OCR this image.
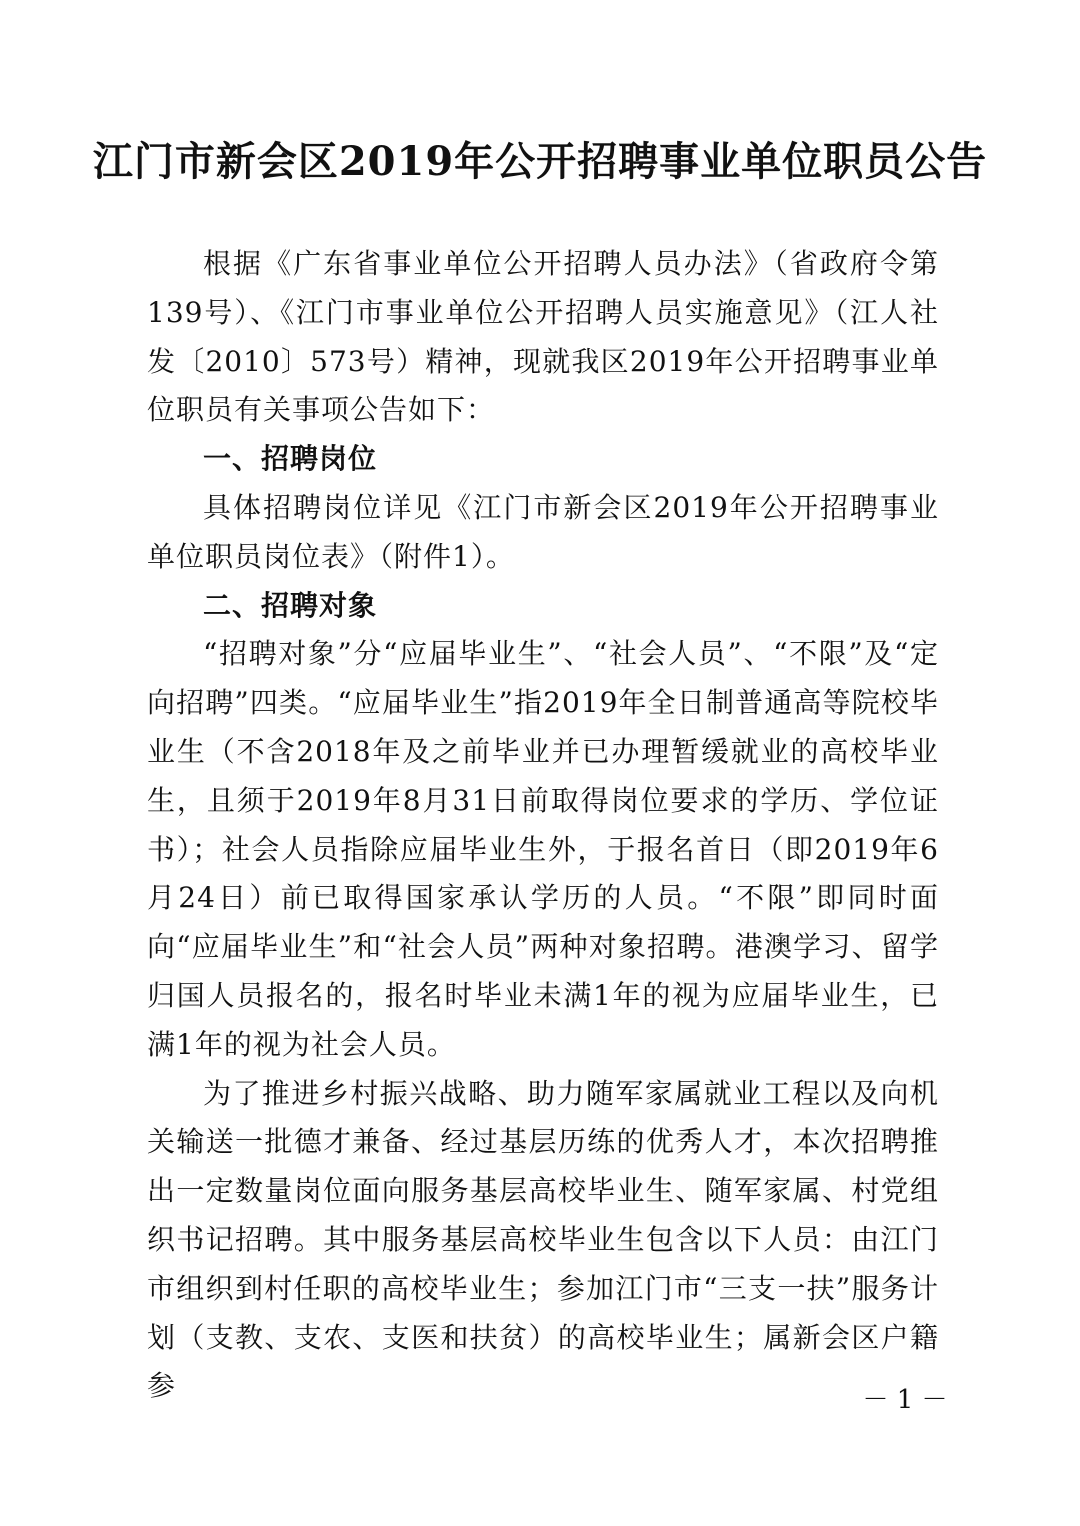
江门市新会区2019年公开招聘事业单位职员公告

根据《广东省事业单位公开招聘人员办法》（省政府令第139号）、《江门市事业单位公开招聘人员实施意见》（江人社发〔2010〕573号）精神，现就我区2019年公开招聘事业单位职员有关事项公告如下：

一、招聘岗位

具体招聘岗位详见《江门市新会区2019年公开招聘事业单位职员岗位表》（附件1）。

二、招聘对象

“招聘对象”分“应届毕业生”、“社会人员”、“不限”及“定向招聘”四类。“应届毕业生”指2019年全日制普通高等院校毕业生（不含2018年及之前毕业并已办理暂缓就业的高校毕业生，且须于2019年8月31日前取得岗位要求的学历、学位证书）；社会人员指除应届毕业生外，于报名首日（即2019年6月24日）前已取得国家承认学历的人员。“不限”即同时面向“应届毕业生”和“社会人员”两种对象招聘。港澳学习、留学归国人员报名的，报名时毕业未满1年的视为应届毕业生，已满1年的视为社会人员。

为了推进乡村振兴战略、助力随军家属就业工程以及向机关输送一批德才兼备、经过基层历练的优秀人才，本次招聘推出一定数量岗位面向服务基层高校毕业生、随军家属、村党组织书记招聘。其中服务基层高校毕业生包含以下人员：由江门市组织到村任职的高校毕业生；参加江门市“三支一扶”服务计划（支教、支农、支医和扶贫）的高校毕业生；属新会区户籍参	－ 1 －
